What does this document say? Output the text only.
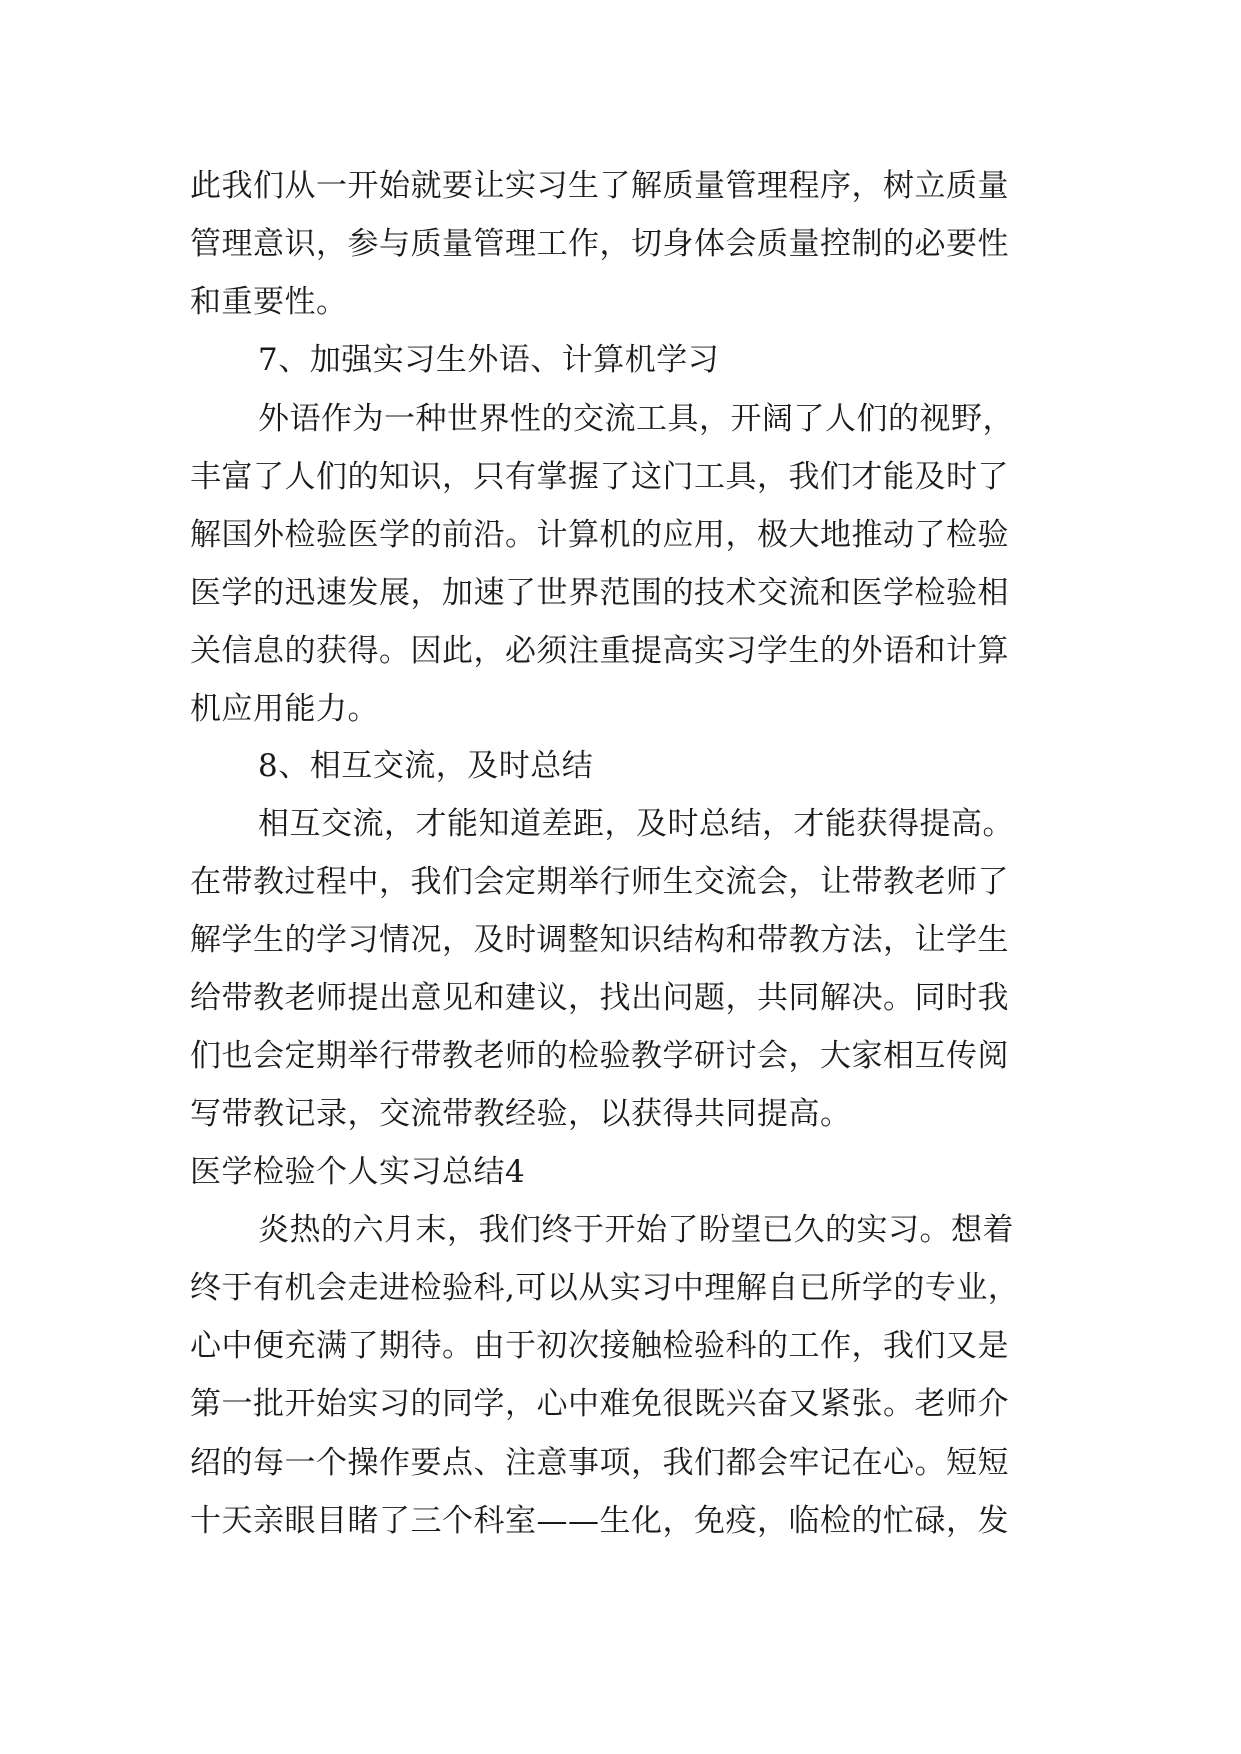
此我们从一开始就要让实习生了解质量管理程序，树立质量
管理意识，参与质量管理工作，切身体会质量控制的必要性
和重要性。
7、加强实习生外语、计算机学习
外语作为一种世界性的交流工具，开阔了人们的视野，
丰富了人们的知识，只有掌握了这门工具，我们才能及时了
解国外检验医学的前沿。计算机的应用，极大地推动了检验
医学的迅速发展，加速了世界范围的技术交流和医学检验相
关信息的获得。因此，必须注重提高实习学生的外语和计算
机应用能力。
8、相互交流，及时总结
相互交流，才能知道差距，及时总结，才能获得提高。
在带教过程中，我们会定期举行师生交流会，让带教老师了
解学生的学习情况，及时调整知识结构和带教方法，让学生
给带教老师提出意见和建议，找出问题，共同解决。同时我
们也会定期举行带教老师的检验教学研讨会，大家相互传阅
写带教记录，交流带教经验，以获得共同提高。
医学检验个人实习总结4
炎热的六月末，我们终于开始了盼望已久的实习。想着
终于有机会走进检验科,可以从实习中理解自已所学的专业，
心中便充满了期待。由于初次接触检验科的工作，我们又是
第一批开始实习的同学，心中难免很既兴奋又紧张。老师介
绍的每一个操作要点、注意事项，我们都会牢记在心。短短
十天亲眼目睹了三个科室——生化，免疫，临检的忙碌，发
